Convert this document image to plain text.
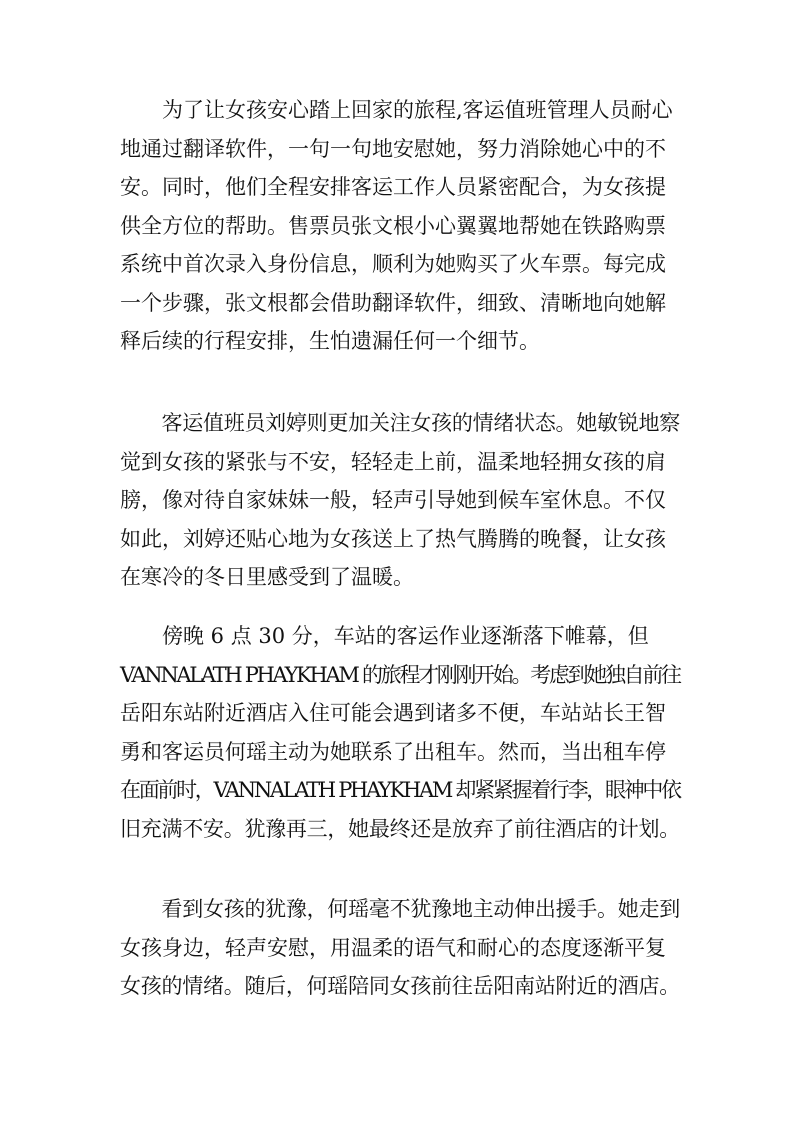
　　为了让女孩安心踏上回家的旅程,客运值班管理人员耐心
地通过翻译软件，一句一句地安慰她，努力消除她心中的不
安。同时，他们全程安排客运工作人员紧密配合，为女孩提
供全方位的帮助。售票员张文根小心翼翼地帮她在铁路购票
系统中首次录入身份信息，顺利为她购买了火车票。每完成
一个步骤，张文根都会借助翻译软件，细致、清晰地向她解
释后续的行程安排，生怕遗漏任何一个细节。

　　客运值班员刘婷则更加关注女孩的情绪状态。她敏锐地察
觉到女孩的紧张与不安，轻轻走上前，温柔地轻拥女孩的肩
膀，像对待自家妹妹一般，轻声引导她到候车室休息。不仅
如此，刘婷还贴心地为女孩送上了热气腾腾的晚餐，让女孩
在寒冷的冬日里感受到了温暖。

　　傍晚 6 点 30 分，车站的客运作业逐渐落下帷幕，但
VANNALATH PHAYKHAM 的旅程才刚刚开始。考虑到她独自前往
岳阳东站附近酒店入住可能会遇到诸多不便，车站站长王智
勇和客运员何瑶主动为她联系了出租车。然而，当出租车停
在面前时，VANNALATH PHAYKHAM 却紧紧握着行李，眼神中依
旧充满不安。犹豫再三，她最终还是放弃了前往酒店的计划。

　　看到女孩的犹豫，何瑶毫不犹豫地主动伸出援手。她走到
女孩身边，轻声安慰，用温柔的语气和耐心的态度逐渐平复
女孩的情绪。随后，何瑶陪同女孩前往岳阳南站附近的酒店。
